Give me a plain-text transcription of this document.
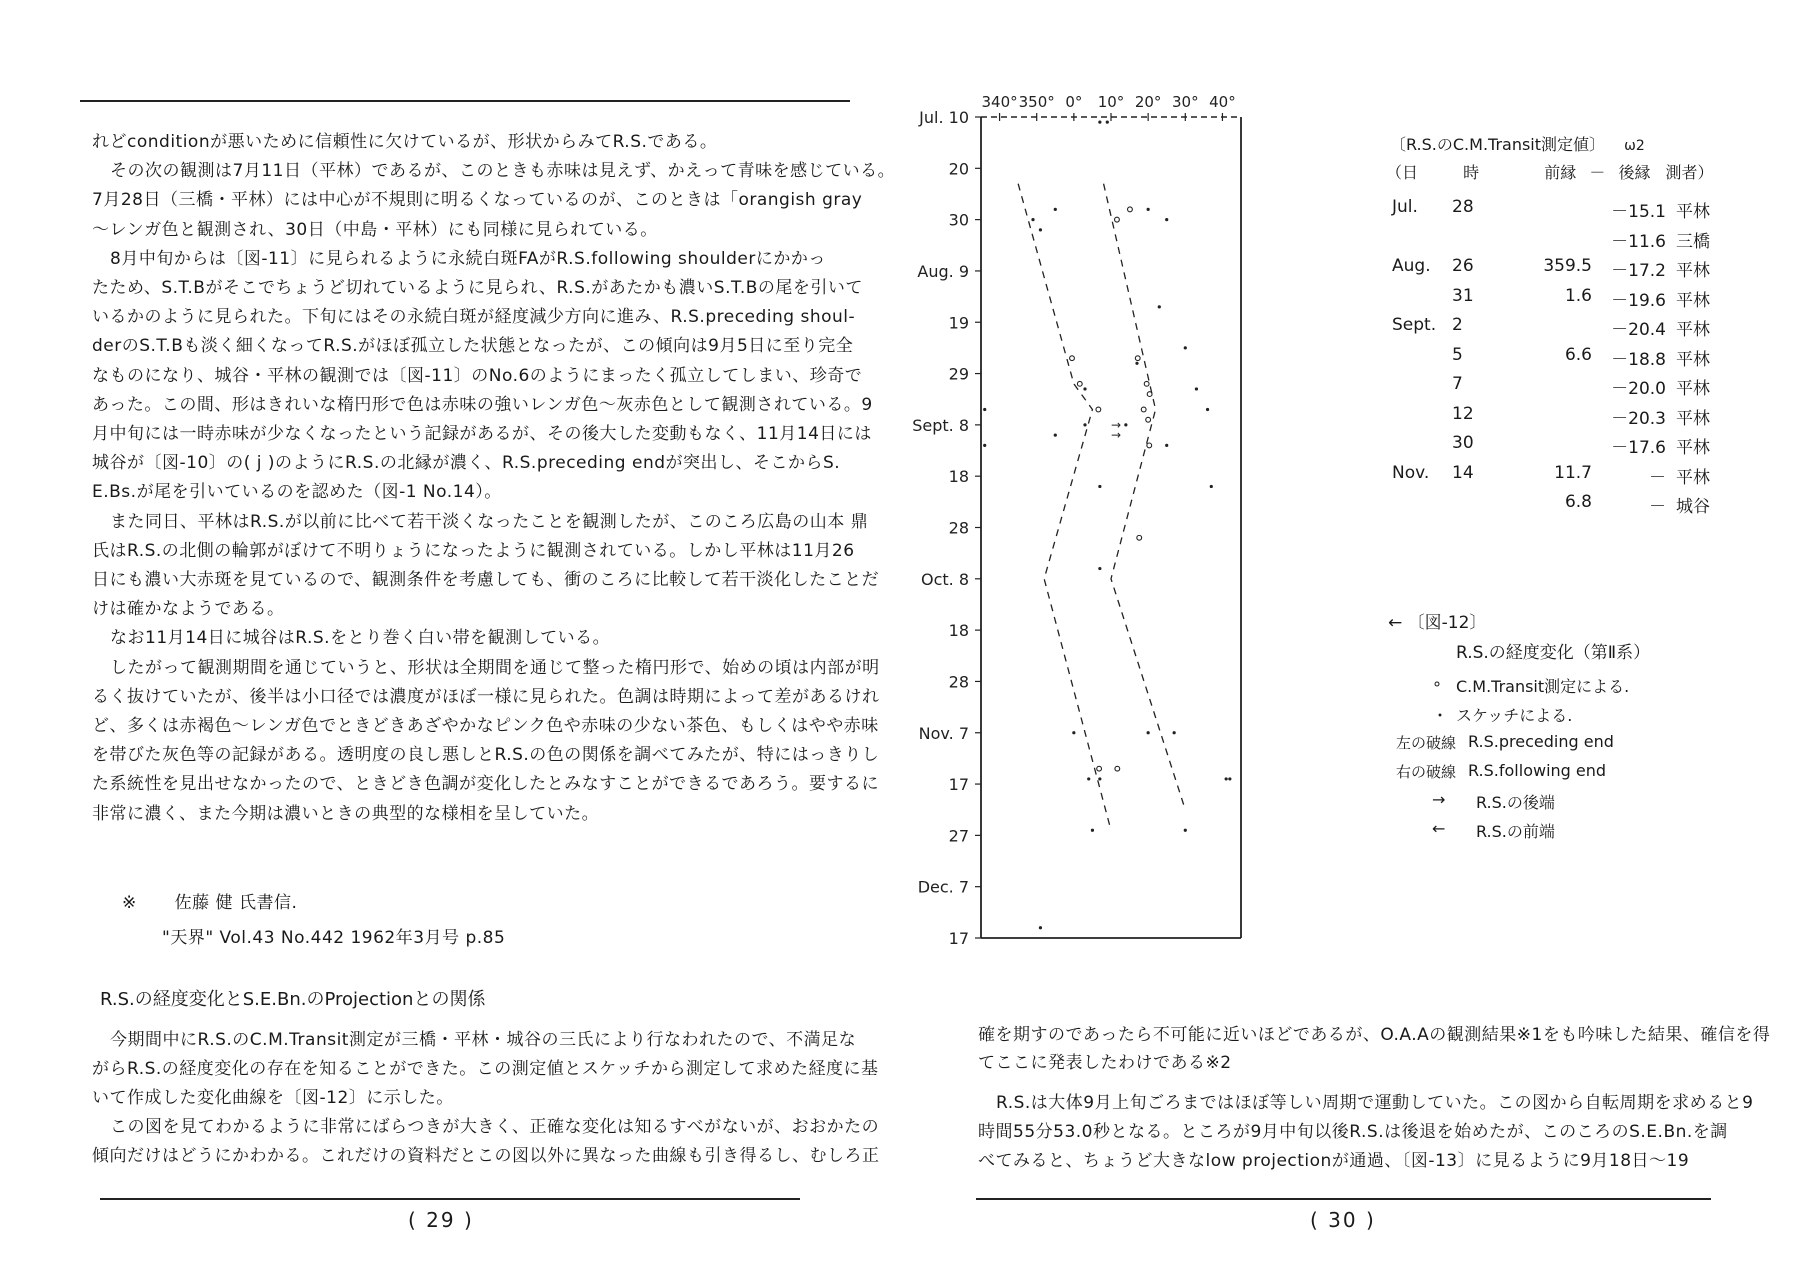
れどconditionが悪いために信頼性に欠けているが、形状からみてR.S.である。
その次の観測は7月11日（平林）であるが、このときも赤味は見えず、かえって青味を感じている。
7月28日（三橋・平林）には中心が不規則に明るくなっているのが、このときは「orangish gray
～レンガ色と観測され、30日（中島・平林）にも同様に見られている。
8月中旬からは〔図-11〕に見られるように永続白斑FAがR.S.following shoulderにかかっ
たため、S.T.Bがそこでちょうど切れているように見られ、R.S.があたかも濃いS.T.Bの尾を引いて
いるかのように見られた。下旬にはその永続白斑が経度減少方向に進み、R.S.preceding shoul-
derのS.T.Bも淡く細くなってR.S.がほぼ孤立した状態となったが、この傾向は9月5日に至り完全
なものになり、城谷・平林の観測では〔図-11〕のNo.6のようにまったく孤立してしまい、珍奇で
あった。この間、形はきれいな楕円形で色は赤味の強いレンガ色～灰赤色として観測されている。9
月中旬には一時赤味が少なくなったという記録があるが、その後大した変動もなく、11月14日には
城谷が〔図-10〕の( j )のようにR.S.の北縁が濃く、R.S.preceding endが突出し、そこからS.
E.Bs.が尾を引いているのを認めた（図-1 No.14）。
また同日、平林はR.S.が以前に比べて若干淡くなったことを観測したが、このころ広島の山本 鼎
氏はR.S.の北側の輪郭がぼけて不明りょうになったように観測されている。しかし平林は11月26
日にも濃い大赤斑を見ているので、観測条件を考慮しても、衝のころに比較して若干淡化したことだ
けは確かなようである。
なお11月14日に城谷はR.S.をとり巻く白い帯を観測している。
したがって観測期間を通じていうと、形状は全期間を通じて整った楕円形で、始めの頃は内部が明
るく抜けていたが、後半は小口径では濃度がほぼ一様に見られた。色調は時期によって差があるけれ
ど、多くは赤褐色～レンガ色でときどきあざやかなピンク色や赤味の少ない茶色、もしくはやや赤味
を帯びた灰色等の記録がある。透明度の良し悪しとR.S.の色の関係を調べてみたが、特にはっきりし
た系統性を見出せなかったので、ときどき色調が変化したとみなすことができるであろう。要するに
非常に濃く、また今期は濃いときの典型的な様相を呈していた。
※ 佐藤 健 氏書信.
"天界" Vol.43 No.442 1962年3月号 p.85
R.S.の経度変化とS.E.Bn.のProjectionとの関係
今期間中にR.S.のC.M.Transit測定が三橋・平林・城谷の三氏により行なわれたので、不満足な
がらR.S.の経度変化の存在を知ることができた。この測定値とスケッチから測定して求めた経度に基
いて作成した変化曲線を〔図-12〕に示した。
この図を見てわかるように非常にばらつきが大きく、正確な変化は知るすべがないが、おおかたの
傾向だけはどうにかわかる。これだけの資料だとこの図以外に異なった曲線も引き得るし、むしろ正
( 29 )
340° 350° 0° 10° 20° 30° 40°
Jul. 10
20
30
Aug. 9
19
29
Sept. 8
18
28
Oct. 8
18
28
Nov. 7
17
27
Dec. 7
17
→
→
〔R.S.のC.M.Transit測定値〕 ω2
（日	時	前縁 － 後縁 測者）
Jul.	28	－15.1 平林
－11.6 三橋
Aug.	26	359.5	－17.2 平林
31	1.6	－19.6 平林
Sept. 2	－20.4 平林
5	6.6	－18.8 平林
7	－20.0 平林
12	－20.3 平林
30	－17.6 平林
Nov.	14	11.7	－ 平林
6.8	－ 城谷
← 〔図-12〕
R.S.の経度変化（第Ⅱ系）
∘ C.M.Transit測定による.
・ スケッチによる.
左の破線 R.S.preceding end
右の破線 R.S.following end
→ R.S.の後端
← R.S.の前端
確を期すのであったら不可能に近いほどであるが、O.A.Aの観測結果※1をも吟味した結果、確信を得
てここに発表したわけである※2
R.S.は大体9月上旬ごろまではほぼ等しい周期で運動していた。この図から自転周期を求めると9
時間55分53.0秒となる。ところが9月中旬以後R.S.は後退を始めたが、このころのS.E.Bn.を調
べてみると、ちょうど大きなlow projectionが通過、〔図-13〕に見るように9月18日～19
( 30 )
